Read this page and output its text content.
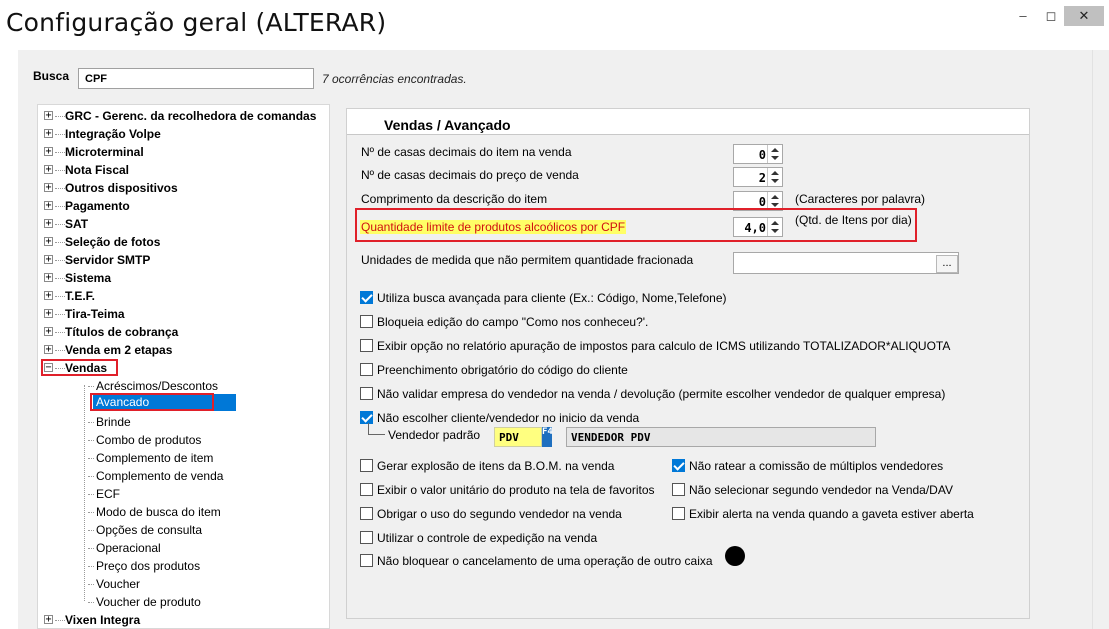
Configuração geral (ALTERAR)	–	◻	✕
Busca
CPF	7 ocorrências encontradas.
+ GRC - Gerenc. da recolhedora de comandas
+ Integração Volpe
+ Microterminal
+ Nota Fiscal
+ Outros dispositivos
+ Pagamento
+ SAT
+ Seleção de fotos
+ Servidor SMTP
+ Sistema
+ T.E.F.
+ Tira-Teima
+ Títulos de cobrança
+ Venda em 2 etapas
− Vendas
Acréscimos/Descontos
Avancado
Brinde
Combo de produtos
Complemento de item
Complemento de venda
ECF
Modo de busca do item
Opções de consulta
Operacional
Preço dos produtos
Voucher
Voucher de produto
+ Vixen Integra
Vendas / Avançado
Nº de casas decimais do item na venda	0
Nº de casas decimais do preço de venda	2
Comprimento da descrição do item	0 (Caracteres por palavra)
Quantidade limite de produtos alcoólicos por CPF	4,0
(Qtd. de Itens por dia)
Unidades de medida que não permitem quantidade fracionada	...
Utiliza busca avançada para cliente (Ex.: Código, Nome,Telefone)
Bloqueia edição do campo "Como nos conheceu?'.
Exibir opção no relatório apuração de impostos para calculo de ICMS utilizando TOTALIZADOR*ALIQUOTA
Preenchimento obrigatório do código do cliente
Não validar empresa do vendedor na venda / devolução (permite escolher vendedor de qualquer empresa)
Não escolher cliente/vendedor no inicio da venda
Vendedor padrão	PDV	F4	VENDEDOR PDV
Gerar explosão de itens da B.O.M. na venda
Exibir o valor unitário do produto na tela de favoritos
Obrigar o uso do segundo vendedor na venda
Utilizar o controle de expedição na venda
Não bloquear o cancelamento de uma operação de outro caixa
Não ratear a comissão de múltiplos vendedores
Não selecionar segundo vendedor na Venda/DAV
Exibir alerta na venda quando a gaveta estiver aberta
